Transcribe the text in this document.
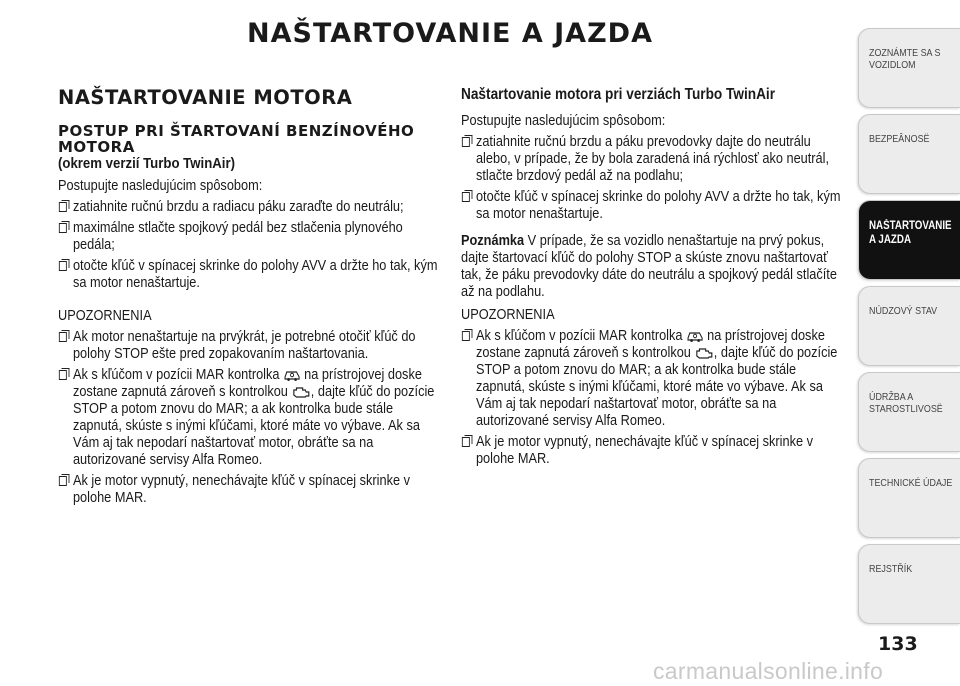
NAŠTARTOVANIE A JAZDA
NAŠTARTOVANIE MOTORA
POSTUP PRI ŠTARTOVANÍ BENZÍNOVÉHO MOTORA
(okrem verzií Turbo TwinAir)

Postupujte nasledujúcim spôsobom:

zatiahnite ručnú brzdu a radiacu páku zaraďte do neutrálu;
maximálne stlačte spojkový pedál bez stlačenia plynového pedála;
otočte kľúč v spínacej skrinke do polohy AVV a držte ho tak, kým sa motor nenaštartuje.

UPOZORNENIA

Ak motor nenaštartuje na prvýkrát, je potrebné otočiť kľúč do polohy STOP ešte pred zopakovaním naštartovania.
Ak s kľúčom v pozícii MAR kontrolka  na prístrojovej doske zostane zapnutá zároveň s kontrolkou , dajte kľúč do pozície STOP a potom znovu do MAR; a ak kontrolka bude stále zapnutá, skúste s inými kľúčami, ktoré máte vo výbave. Ak sa Vám aj tak nepodarí naštartovať motor, obráťte sa na autorizované servisy Alfa Romeo.
Ak je motor vypnutý, nenechávajte kľúč v spínacej skrinke v polohe MAR.
Naštartovanie motora pri verziách Turbo TwinAir

Postupujte nasledujúcim spôsobom:

zatiahnite ručnú brzdu a páku prevodovky dajte do neutrálu alebo, v prípade, že by bola zaradená iná rýchlosť ako neutrál, stlačte brzdový pedál až na podlahu;
otočte kľúč v spínacej skrinke do polohy AVV a držte ho tak, kým sa motor nenaštartuje.

Poznámka V prípade, že sa vozidlo nenaštartuje na prvý pokus, dajte štartovací kľúč do polohy STOP a skúste znovu naštartovať tak, že páku prevodovky dáte do neutrálu a spojkový pedál stlačíte až na podlahu.

UPOZORNENIA

Ak s kľúčom v pozícii MAR kontrolka  na prístrojovej doske zostane zapnutá zároveň s kontrolkou , dajte kľúč do pozície STOP a potom znovu do MAR; a ak kontrolka bude stále zapnutá, skúste s inými kľúčami, ktoré máte vo výbave. Ak sa Vám aj tak nepodarí naštartovať motor, obráťte sa na autorizované servisy Alfa Romeo.
Ak je motor vypnutý, nenechávajte kľúč v spínacej skrinke v polohe MAR.
ZOZNÁMTE SA S
VOZIDLOM
BEZPEÂNOSË
NAŠTARTOVANIE
A JAZDA
NÚDZOVÝ STAV
ÚDRŽBA A
STAROSTLIVOSË
TECHNICKÉ ÚDAJE
REJSTŘÍK
133
carmanualsonline.info
